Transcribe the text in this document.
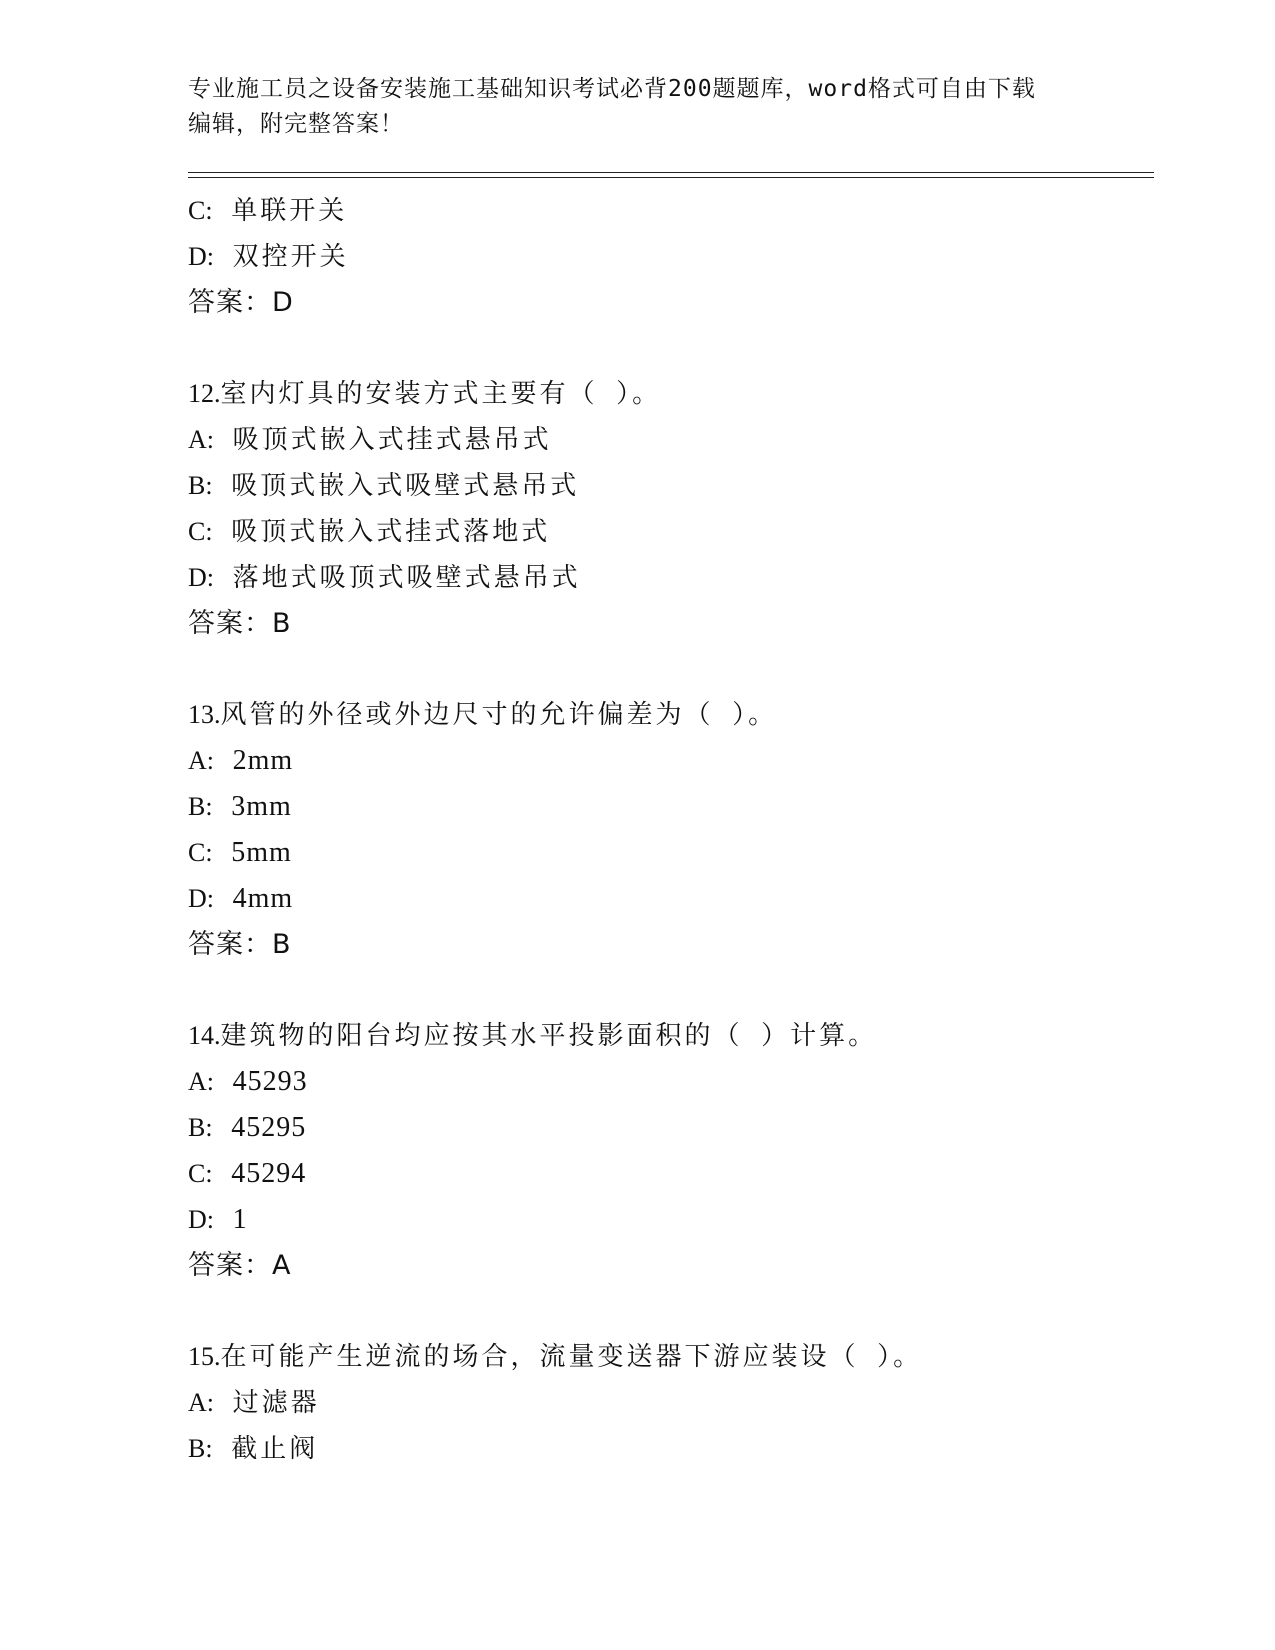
专业施工员之设备安装施工基础知识考试必背200题题库，word格式可自由下载
编辑，附完整答案！
C: 单联开关
D: 双控开关
答案：D
12.室内灯具的安装方式主要有（ ）。
A: 吸顶式嵌入式挂式悬吊式
B: 吸顶式嵌入式吸壁式悬吊式
C: 吸顶式嵌入式挂式落地式
D: 落地式吸顶式吸壁式悬吊式
答案：B
13.风管的外径或外边尺寸的允许偏差为（ ）。
A: 2mm
B: 3mm
C: 5mm
D: 4mm
答案：B
14.建筑物的阳台均应按其水平投影面积的（ ）计算。
A: 45293
B: 45295
C: 45294
D: 1
答案：A
15.在可能产生逆流的场合，流量变送器下游应装设（ ）。
A: 过滤器
B: 截止阀
